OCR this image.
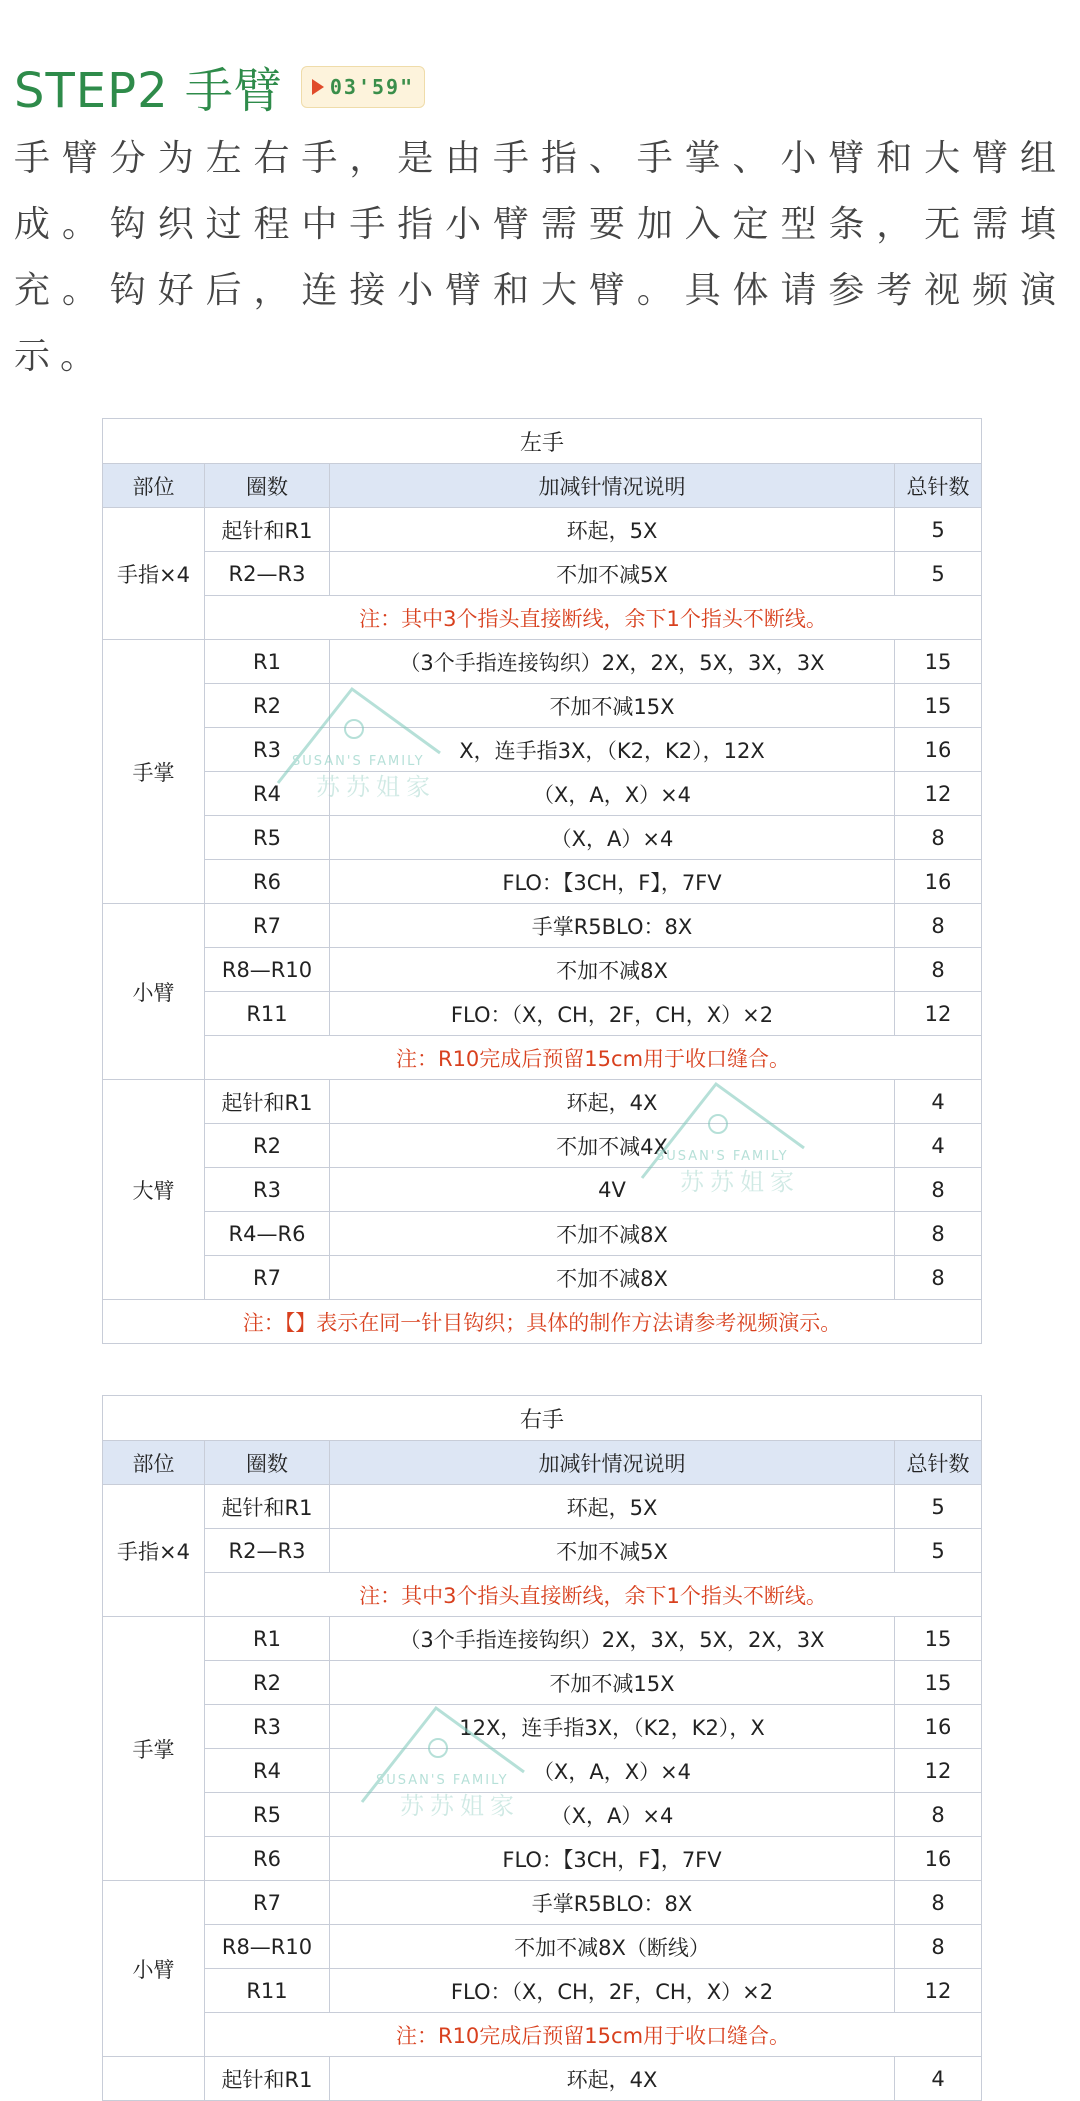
STEP2 手臂 03'59"
手臂分为左右手，是由手指、手掌、小臂和大臂组成。钩织过程中手指小臂需要加入定型条，无需填充。钩好后，连接小臂和大臂。具体请参考视频演示。
左手			
部位	圈数	加减针情况说明	总针数
手指×4	起针和R1	环起，5X	5
	R2—R3	不加不减5X	5
	注：其中3个指头直接断线，余下1个指头不断线。		
手掌	R1	（3个手指连接钩织）2X，2X，5X，3X，3X	15
	R2	不加不减15X	15
	R3	X，连手指3X，（K2，K2），12X	16
	R4	（X，A，X）×4	12
	R5	（X，A）×4	8
	R6	FLO：【3CH，F】，7FV	16
小臂	R7	手掌R5BLO：8X	8
	R8—R10	不加不减8X	8
	R11	FLO：（X，CH，2F，CH，X）×2	12
	注：R10完成后预留15cm用于收口缝合。		
大臂	起针和R1	环起，4X	4
	R2	不加不减4X	4
	R3	4V	8
	R4—R6	不加不减8X	8
	R7	不加不减8X	8
注：【】表示在同一针目钩织；具体的制作方法请参考视频演示。			
右手			
部位	圈数	加减针情况说明	总针数
手指×4	起针和R1	环起，5X	5
	R2—R3	不加不减5X	5
	注：其中3个指头直接断线，余下1个指头不断线。		
手掌	R1	（3个手指连接钩织）2X，3X，5X，2X，3X	15
	R2	不加不减15X	15
	R3	12X，连手指3X，（K2，K2），X	16
	R4	（X，A，X）×4	12
	R5	（X，A）×4	8
	R6	FLO：【3CH，F】，7FV	16
小臂	R7	手掌R5BLO：8X	8
	R8—R10	不加不减8X（断线）	8
	R11	FLO：（X，CH，2F，CH，X）×2	12
	注：R10完成后预留15cm用于收口缝合。		
	起针和R1	环起，4X	4
SUSAN'S FAMILY
苏苏姐家
SUSAN'S FAMILY
苏苏姐家
SUSAN'S FAMILY
苏苏姐家
